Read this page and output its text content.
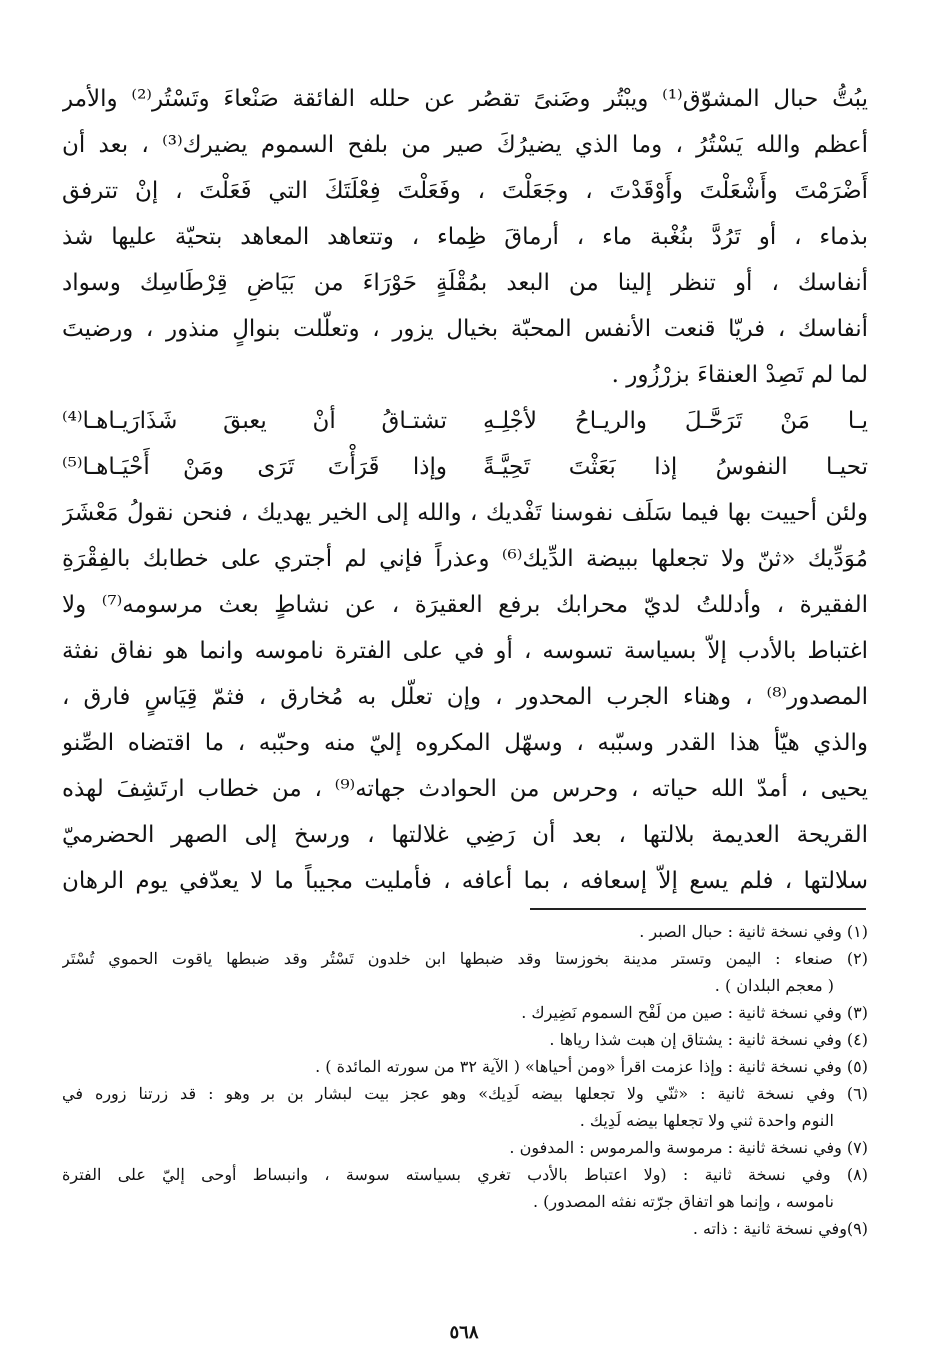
يبُتُّ حبال المشوّق⁽¹⁾ ويبْتُر وضَنىً تقصُر عن حلله الفائقة صَنْعاءَ وتَسْتُر⁽²⁾ والأمر
أعظم والله يَسْتُرُ ، وما الذي يضيرُكَ صير من بلفح السموم يضيرك⁽³⁾ ، بعد أن
أَضْرَمْتَ وأَشْعَلْتَ وأَوْقَدْتَ ، وجَعَلْتَ ، وفَعَلْتَ فِعْلَتَكَ التي فَعَلْتَ ، إنْ تترفق
بذماء ، أو تَرُدَّ بنُغْبة ماء ، أرماقَ ظِماء ، وتتعاهد المعاهد بتحيّة عليها شذ
أنفاسك ، أو تنظر إلينا من البعد بمُقْلَةٍ حَوْرَاءَ من بَيَاضِ قِرْطَاسِك وسواد
أنفاسك ، فريّا قنعت الأنفس المحبّة بخيال يزور ، وتعلّلت بنوالٍ منذور ، ورضيتَ
لما لم تَصِدْ العنقاءَ بزرْزُور .
يـا مَنْ تَرَحَّـلَ والريـاحُ لأجْلِـهِ
تشتـاقُ أنْ يعبقَ شَذَارَيـاهـا⁽⁴⁾
تحيـا النفوسُ إذا بَعَثْتَ تَحِيَّـةً
وإذا قَرَأْتَ تَرَى ومَنْ أَحْيَـاهـا⁽⁵⁾
ولئن أحييت بها فيما سَلَف نفوسنا تَفْديك ، والله إلى الخير يهديك ، فنحن نقولُ مَعْشَرَ
مُوَدِّيك «ثنّ ولا تجعلها ببيضة الدِّيك⁽⁶⁾ وعذراً فإني لم أجتري على خطابك بالفِقْرَةِ
الفقيرة ، وأدللتُ لديّ محرابك برفع العقيرَة ، عن نشاطٍ بعث مرسومه⁽⁷⁾ ولا
اغتباط بالأدب إلاّ بسياسة تسوسه ، أو في على الفترة ناموسه وانما هو نفاق نفثة
المصدور⁽⁸⁾ ، وهناء الجرب المحدور ، وإن تعلّل به مُخارق ، فثمّ قِيَاسٍ فارق ،
والذي هيّأ هذا القدر وسبّبه ، وسهّل المكروه إليّ منه وحبّبه ، ما اقتضاه الصِّنو
يحيى ، أمدّ الله حياته ، وحرس من الحوادث جهاته⁽⁹⁾ ، من خطاب ارتَشِفَ لهذه
القريحة العديمة بلالتها ، بعد أن رَضِي غلالتها ، ورسخ إلى الصهر الحضرميّ
سلالتها ، فلم يسع إلاّ إسعافه ، بما أعافه ، فأمليت مجيباً ما لا يعدّفي يوم الرهان
(١) وفي نسخة ثانية : حبال الصبر .
(٢) صنعاء : اليمن وتستر مدينة بخوزستا وقد ضبطها ابن خلدون تَسْتُر وقد ضبطها ياقوت الحموي تُسْتَر
( معجم البلدان ) .
(٣) وفي نسخة ثانية : صين من لَفْح السموم نَضِيرك .
(٤) وفي نسخة ثانية : يشتاق إن هبت شذا رياها .
(٥) وفي نسخة ثانية : وإذا عزمت اقرأ «ومن أحياها» ( الآية ٣٢ من سورته المائدة ) .
(٦) وفي نسخة ثانية : «ثنّي ولا تجعلها بيضه لَدِيك» وهو عجز بيت لبشار بن بر وهو : قد زرتنا زوره في
النوم واحدة ثني ولا تجعلها بيضه لَدِيك .
(٧) وفي نسخة ثانية : مرموسة والمرموس : المدفون .
(٨) وفي نسخة ثانية : (ولا اعتباط بالأدب تغري بسياسته سوسة ، وانبساط أوحى إليّ على الفترة
ناموسه ، وإنما هو اتفاق جرّته نفثه المصدور) .
(٩)وفي نسخة ثانية : ذاته .
٥٦٨
